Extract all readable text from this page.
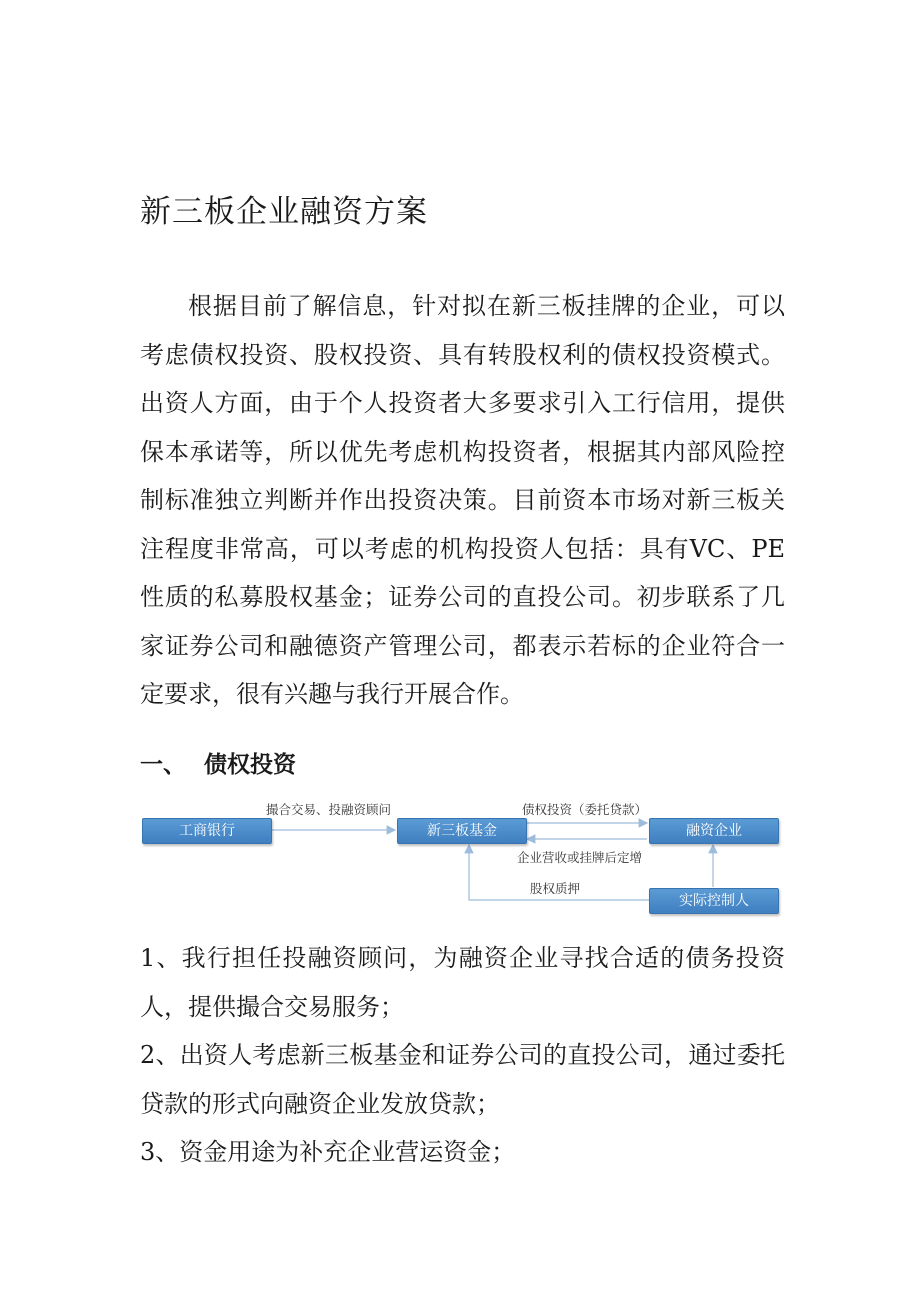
新三板企业融资方案
根据目前了解信息，针对拟在新三板挂牌的企业，可以考虑债权投资、股权投资、具有转股权利的债权投资模式。出资人方面，由于个人投资者大多要求引入工行信用，提供保本承诺等，所以优先考虑机构投资者，根据其内部风险控制标准独立判断并作出投资决策。目前资本市场对新三板关注程度非常高，可以考虑的机构投资人包括：具有VC、PE性质的私募股权基金；证券公司的直投公司。初步联系了几家证券公司和融德资产管理公司，都表示若标的企业符合一定要求，很有兴趣与我行开展合作。
一、 债权投资
工商银行	新三板基金	融资企业
实际控制人
撮合交易、投融资顾问	债权投资（委托贷款）
企业营收或挂牌后定增
股权质押

1、我行担任投融资顾问，为融资企业寻找合适的债务投资人，提供撮合交易服务；

2、出资人考虑新三板基金和证券公司的直投公司，通过委托贷款的形式向融资企业发放贷款；

3、资金用途为补充企业营运资金；
